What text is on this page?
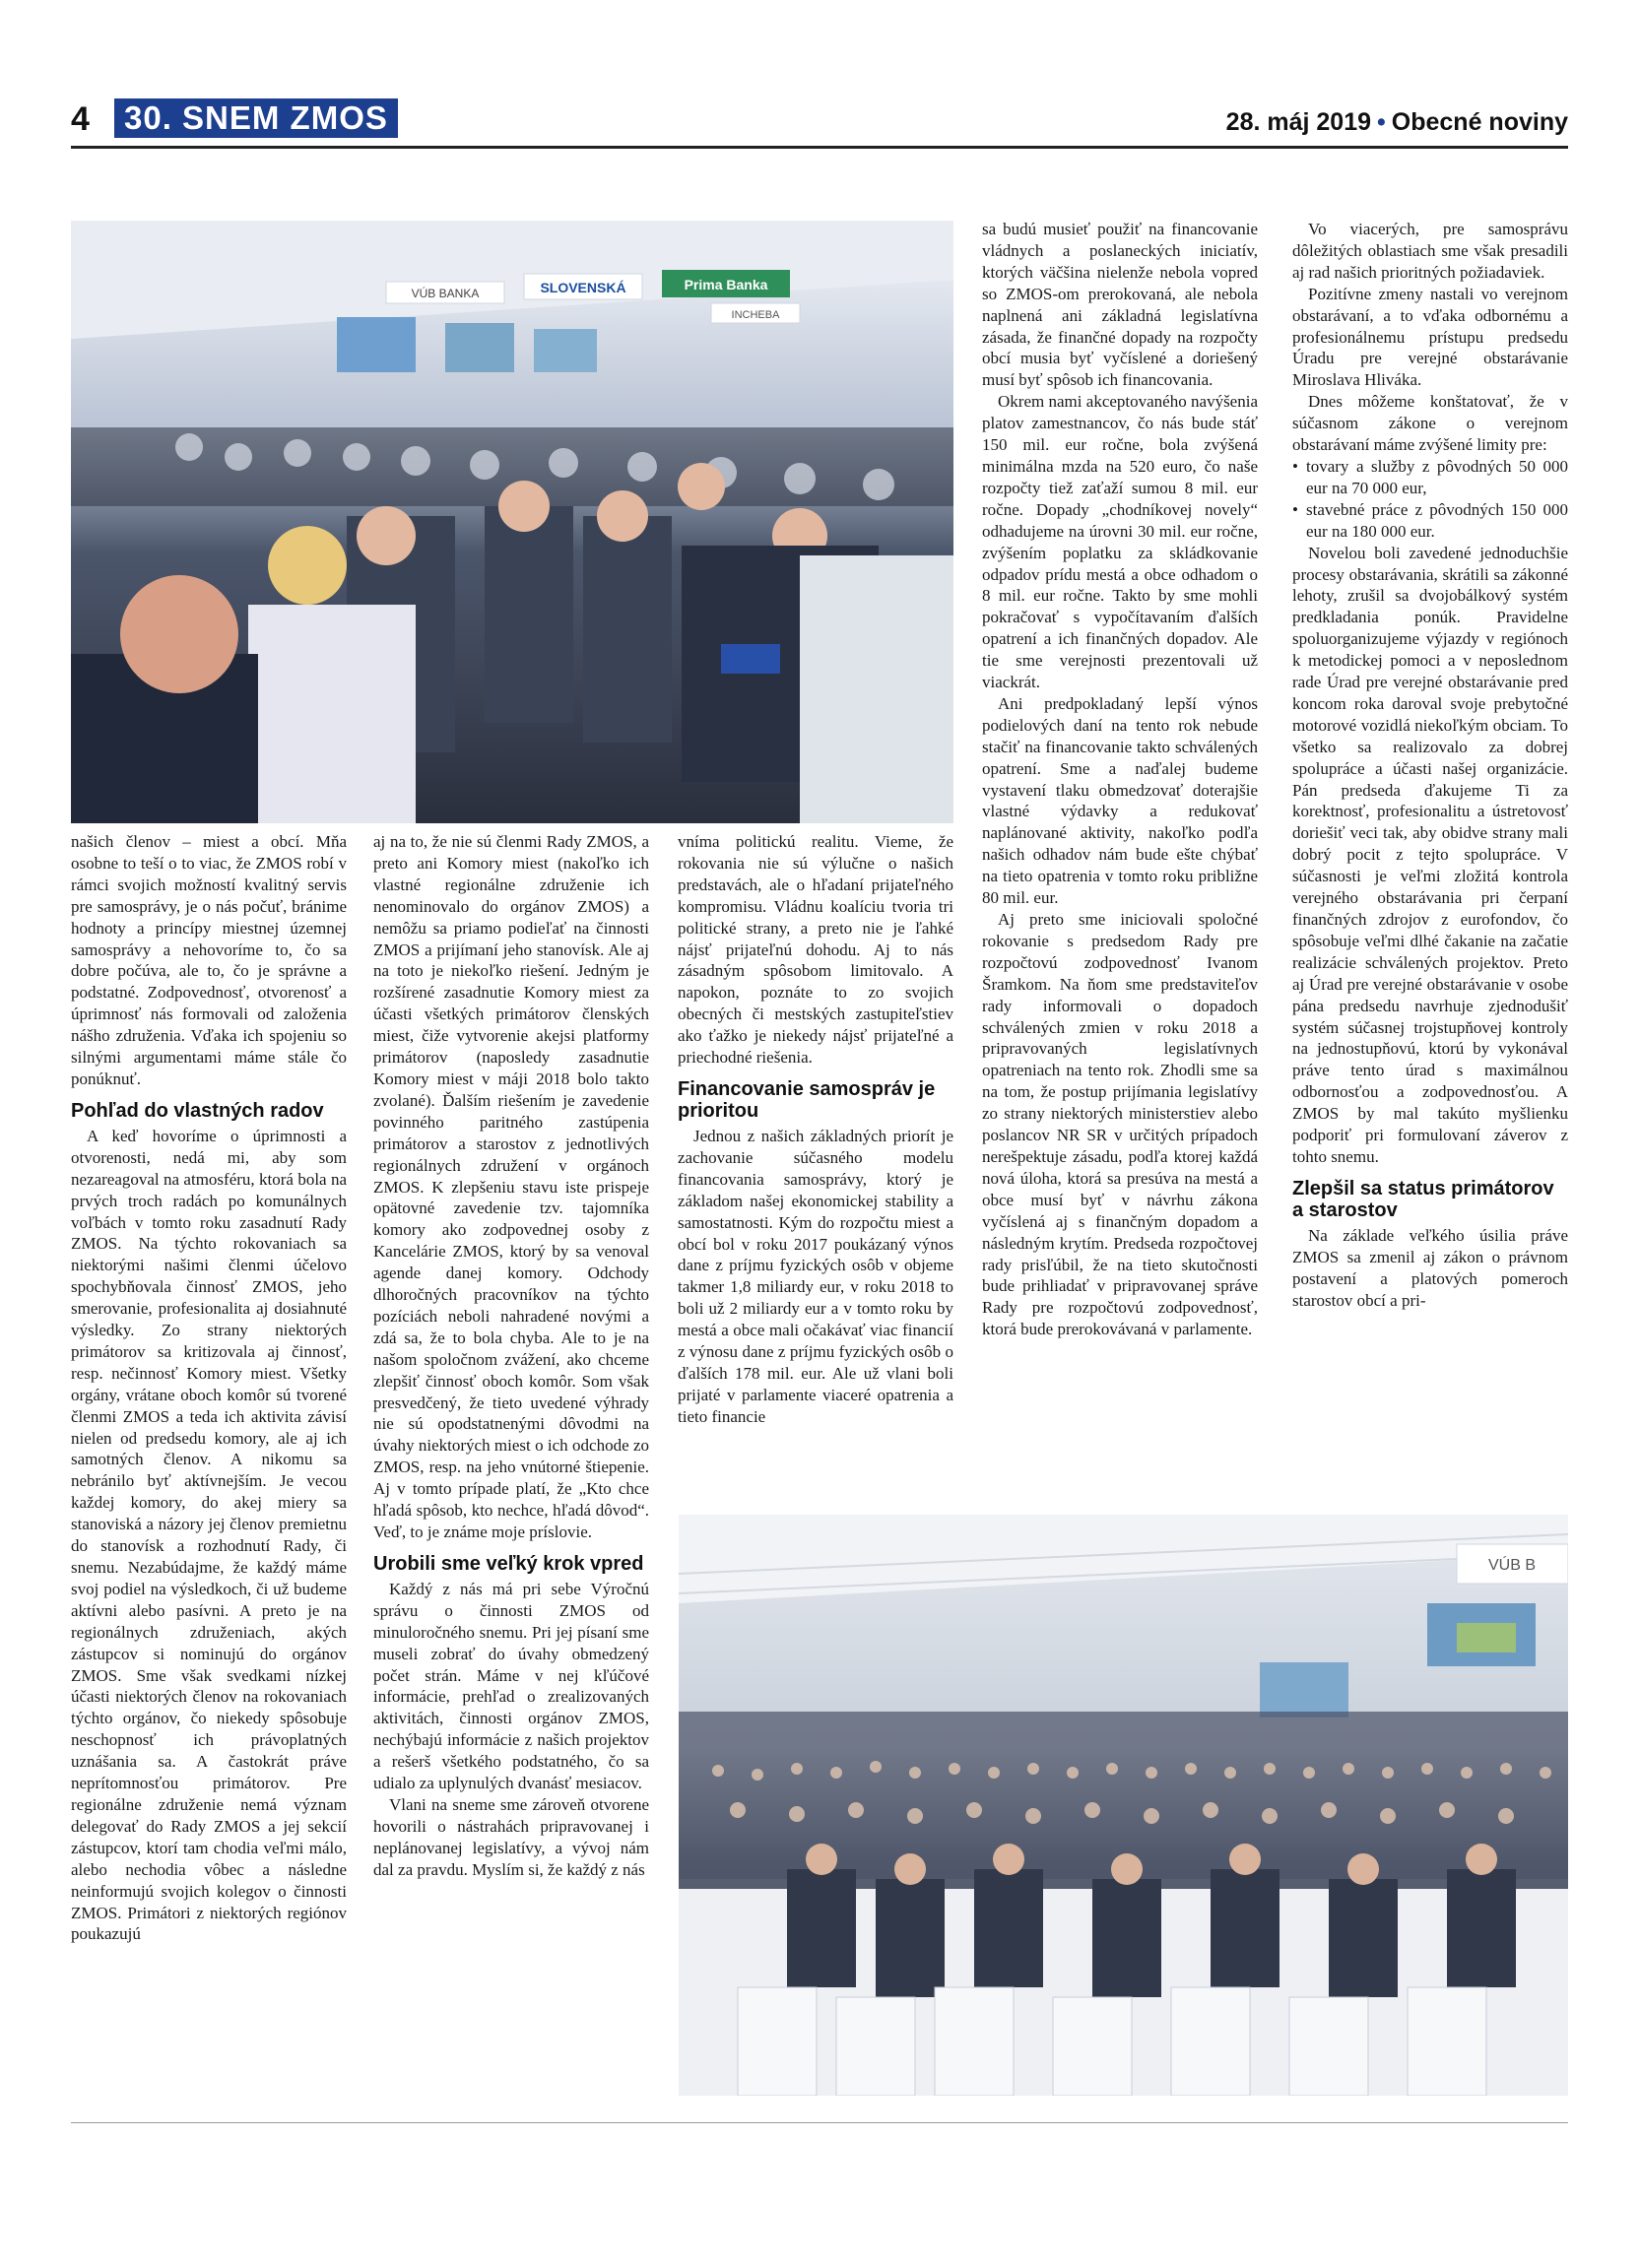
4	30. SNEM ZMOS	28. máj 2019 • Obecné noviny
VÚB BANKA	SLOVENSKÁ	Prima Banka
INCHEBA

našich členov – miest a obcí. Mňa osobne to teší o to viac, že ZMOS robí v rámci svojich možností kvalitný servis pre samosprávy, je o nás počuť, bránime hodnoty a princípy miestnej územnej samosprávy a nehovoríme to, čo sa dobre počúva, ale to, čo je správne a podstatné. Zodpovednosť, otvorenosť a úprimnosť nás formovali od založenia nášho združenia. Vďaka ich spojeniu so silnými argumentami máme stále čo ponúknuť.

Pohľad do vlastných radov

A keď hovoríme o úprimnosti a otvorenosti, nedá mi, aby som nezareagoval na atmosféru, ktorá bola na prvých troch radách po komunálnych voľbách v tomto roku zasadnutí Rady ZMOS. Na týchto rokovaniach sa niektorými našimi členmi účelovo spochybňovala činnosť ZMOS, jeho smerovanie, profesionalita aj dosiahnuté výsledky. Zo strany niektorých primátorov sa kritizovala aj činnosť, resp. nečinnosť Komory miest. Všetky orgány, vrátane oboch komôr sú tvorené členmi ZMOS a teda ich aktivita závisí nielen od predsedu komory, ale aj ich samotných členov. A nikomu sa nebránilo byť aktívnejším. Je vecou každej komory, do akej miery sa stanoviská a názory jej členov premietnu do stanovísk a rozhodnutí Rady, či snemu. Nezabúdajme, že každý máme svoj podiel na výsledkoch, či už budeme aktívni alebo pasívni. A preto je na regionálnych združeniach, akých zástupcov si nominujú do orgánov ZMOS. Sme však svedkami nízkej účasti niektorých členov na rokovaniach týchto orgánov, čo niekedy spôsobuje neschopnosť ich právoplatných uznášania sa. A častokrát práve neprítomnosťou primátorov. Pre regionálne združenie nemá význam delegovať do Rady ZMOS a jej sekcií zástupcov, ktorí tam chodia veľmi málo, alebo nechodia vôbec a následne neinformujú svojich kolegov o činnosti ZMOS. Primátori z niektorých regiónov poukazujú

aj na to, že nie sú členmi Rady ZMOS, a preto ani Komory miest (nakoľko ich vlastné regionálne združenie ich nenominovalo do orgánov ZMOS) a nemôžu sa priamo podieľať na činnosti ZMOS a prijímaní jeho stanovísk. Ale aj na toto je niekoľko riešení. Jedným je rozšírené zasadnutie Komory miest za účasti všetkých primátorov členských miest, čiže vytvorenie akejsi platformy primátorov (naposledy zasadnutie Komory miest v máji 2018 bolo takto zvolané). Ďalším riešením je zavedenie povinného paritného zastúpenia primátorov a starostov z jednotlivých regionálnych združení v orgánoch ZMOS. K zlepšeniu stavu iste prispeje opätovné zavedenie tzv. tajomníka komory ako zodpovednej osoby z Kancelárie ZMOS, ktorý by sa venoval agende danej komory. Odchody dlhoročných pracovníkov na týchto pozíciách neboli nahradené novými a zdá sa, že to bola chyba. Ale to je na našom spoločnom zvážení, ako chceme zlepšiť činnosť oboch komôr. Som však presvedčený, že tieto uvedené výhrady nie sú opodstatnenými dôvodmi na úvahy niektorých miest o ich odchode zo ZMOS, resp. na jeho vnútorné štiepenie. Aj v tomto prípade platí, že „Kto chce hľadá spôsob, kto nechce, hľadá dôvod“. Veď, to je známe moje príslovie.

Urobili sme veľký krok vpred

Každý z nás má pri sebe Výročnú správu o činnosti ZMOS od minuloročného snemu. Pri jej písaní sme museli zobrať do úvahy obmedzený počet strán. Máme v nej kľúčové informácie, prehľad o zrealizovaných aktivitách, činnosti orgánov ZMOS, nechýbajú informácie z našich projektov a rešerš všetkého podstatného, čo sa udialo za uplynulých dvanásť mesiacov.

Vlani na sneme sme zároveň otvorene hovorili o nástrahách pripravovanej i neplánovanej legislatívy, a vývoj nám dal za pravdu. Myslím si, že každý z nás

vníma politickú realitu. Vieme, že rokovania nie sú výlučne o našich predstavách, ale o hľadaní prijateľného kompromisu. Vládnu koalíciu tvoria tri politické strany, a preto nie je ľahké nájsť prijateľnú dohodu. Aj to nás zásadným spôsobom limitovalo. A napokon, poznáte to zo svojich obecných či mestských zastupiteľstiev ako ťažko je niekedy nájsť prijateľné a priechodné riešenia.

Financovanie samospráv je prioritou

Jednou z našich základných priorít je zachovanie súčasného modelu financovania samosprávy, ktorý je základom našej ekonomickej stability a samostatnosti. Kým do rozpočtu miest a obcí bol v roku 2017 poukázaný výnos dane z príjmu fyzických osôb v objeme takmer 1,8 miliardy eur, v roku 2018 to boli už 2 miliardy eur a v tomto roku by mestá a obce mali očakávať viac financií z výnosu dane z príjmu fyzických osôb o ďalších 178 mil. eur. Ale už vlani boli prijaté v parlamente viaceré opatrenia a tieto financie

sa budú musieť použiť na financovanie vládnych a poslaneckých iniciatív, ktorých väčšina nielenže nebola vopred so ZMOS-om prerokovaná, ale nebola naplnená ani základná legislatívna zásada, že finančné dopady na rozpočty obcí musia byť vyčíslené a doriešený musí byť spôsob ich financovania.

Okrem nami akceptovaného navýšenia platov zamestnancov, čo nás bude stáť 150 mil. eur ročne, bola zvýšená minimálna mzda na 520 euro, čo naše rozpočty tiež zaťaží sumou 8 mil. eur ročne. Dopady „chodníkovej novely“ odhadujeme na úrovni 30 mil. eur ročne, zvýšením poplatku za skládkovanie odpadov prídu mestá a obce odhadom o 8 mil. eur ročne. Takto by sme mohli pokračovať s vypočítavaním ďalších opatrení a ich finančných dopadov. Ale tie sme verejnosti prezentovali už viackrát.

Ani predpokladaný lepší výnos podielových daní na tento rok nebude stačiť na financovanie takto schválených opatrení. Sme a naďalej budeme vystavení tlaku obmedzovať doterajšie vlastné výdavky a redukovať naplánované aktivity, nakoľko podľa našich odhadov nám bude ešte chýbať na tieto opatrenia v tomto roku približne 80 mil. eur.

Aj preto sme iniciovali spoločné rokovanie s predsedom Rady pre rozpočtovú zodpovednosť Ivanom Šramkom. Na ňom sme predstaviteľov rady informovali o dopadoch schválených zmien v roku 2018 a pripravovaných legislatívnych opatreniach na tento rok. Zhodli sme sa na tom, že postup prijímania legislatívy zo strany niektorých ministerstiev alebo poslancov NR SR v určitých prípadoch nerešpektuje zásadu, podľa ktorej každá nová úloha, ktorá sa presúva na mestá a obce musí byť v návrhu zákona vyčíslená aj s finančným dopadom a následným krytím. Predseda rozpočtovej rady prisľúbil, že na tieto skutočnosti bude prihliadať v pripravovanej správe Rady pre rozpočtovú zodpovednosť, ktorá bude prerokovávaná v parlamente.

Vo viacerých, pre samosprávu dôležitých oblastiach sme však presadili aj rad našich prioritných požiadaviek.

Pozitívne zmeny nastali vo verejnom obstarávaní, a to vďaka odbornému a profesionálnemu prístupu predsedu Úradu pre verejné obstarávanie Miroslava Hliváka.

Dnes môžeme konštatovať, že v súčasnom zákone o verejnom obstarávaní máme zvýšené limity pre:

• tovary a služby z pôvodných 50 000 eur na 70 000 eur,
• stavebné práce z pôvodných 150 000 eur na 180 000 eur.

Novelou boli zavedené jednoduchšie procesy obstarávania, skrátili sa zákonné lehoty, zrušil sa dvojobálkový systém predkladania ponúk. Pravidelne spoluorganizujeme výjazdy v regiónoch k metodickej pomoci a v neposlednom rade Úrad pre verejné obstarávanie pred koncom roka daroval svoje prebytočné motorové vozidlá niekoľkým obciam. To všetko sa realizovalo za dobrej spolupráce a účasti našej organizácie. Pán predseda ďakujeme Ti za korektnosť, profesionalitu a ústretovosť doriešiť veci tak, aby obidve strany mali dobrý pocit z tejto spolupráce. V súčasnosti je veľmi zložitá kontrola verejného obstarávania pri čerpaní finančných zdrojov z eurofondov, čo spôsobuje veľmi dlhé čakanie na začatie realizácie schválených projektov. Preto aj Úrad pre verejné obstarávanie v osobe pána predsedu navrhuje zjednodušiť systém súčasnej trojstupňovej kontroly na jednostupňovú, ktorú by vykonával práve tento úrad s maximálnou odbornosťou a zodpovednosťou. A ZMOS by mal takúto myšlienku podporiť pri formulovaní záverov z tohto snemu.

Zlepšil sa status primátorov a starostov

Na základe veľkého úsilia práve ZMOS sa zmenil aj zákon o právnom postavení a platových pomeroch starostov obcí a pri-

VÚB B
